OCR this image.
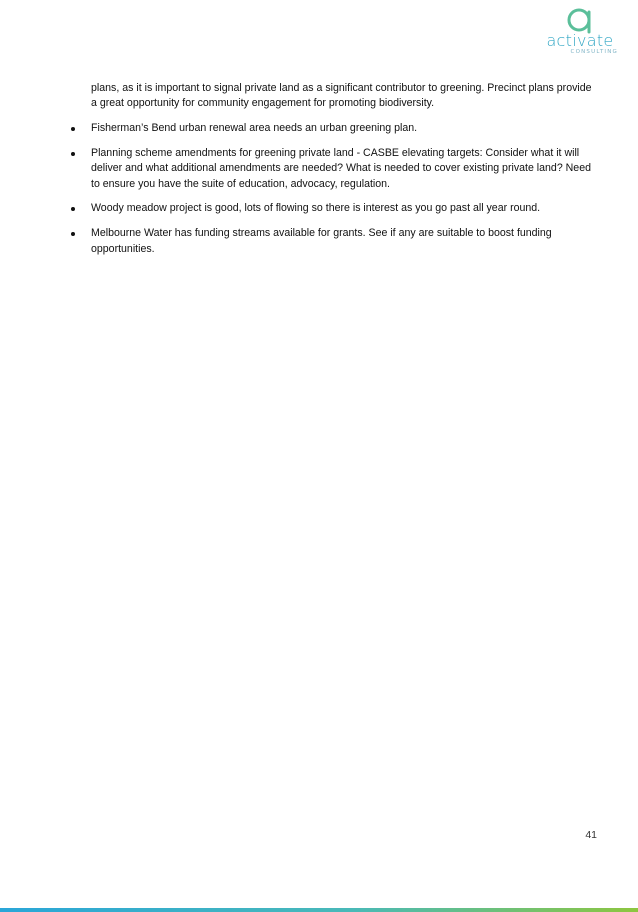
activate
CONSULTING

plans, as it is important to signal private land as a significant contributor to greening. Precinct plans provide a great opportunity for community engagement for promoting biodiversity.

Fisherman’s Bend urban renewal area needs an urban greening plan.
Planning scheme amendments for greening private land - CASBE elevating targets: Consider what it will deliver and what additional amendments are needed? What is needed to cover existing private land? Need to ensure you have the suite of education, advocacy, regulation.
Woody meadow project is good, lots of flowing so there is interest as you go past all year round.
Melbourne Water has funding streams available for grants. See if any are suitable to boost funding opportunities.
41
